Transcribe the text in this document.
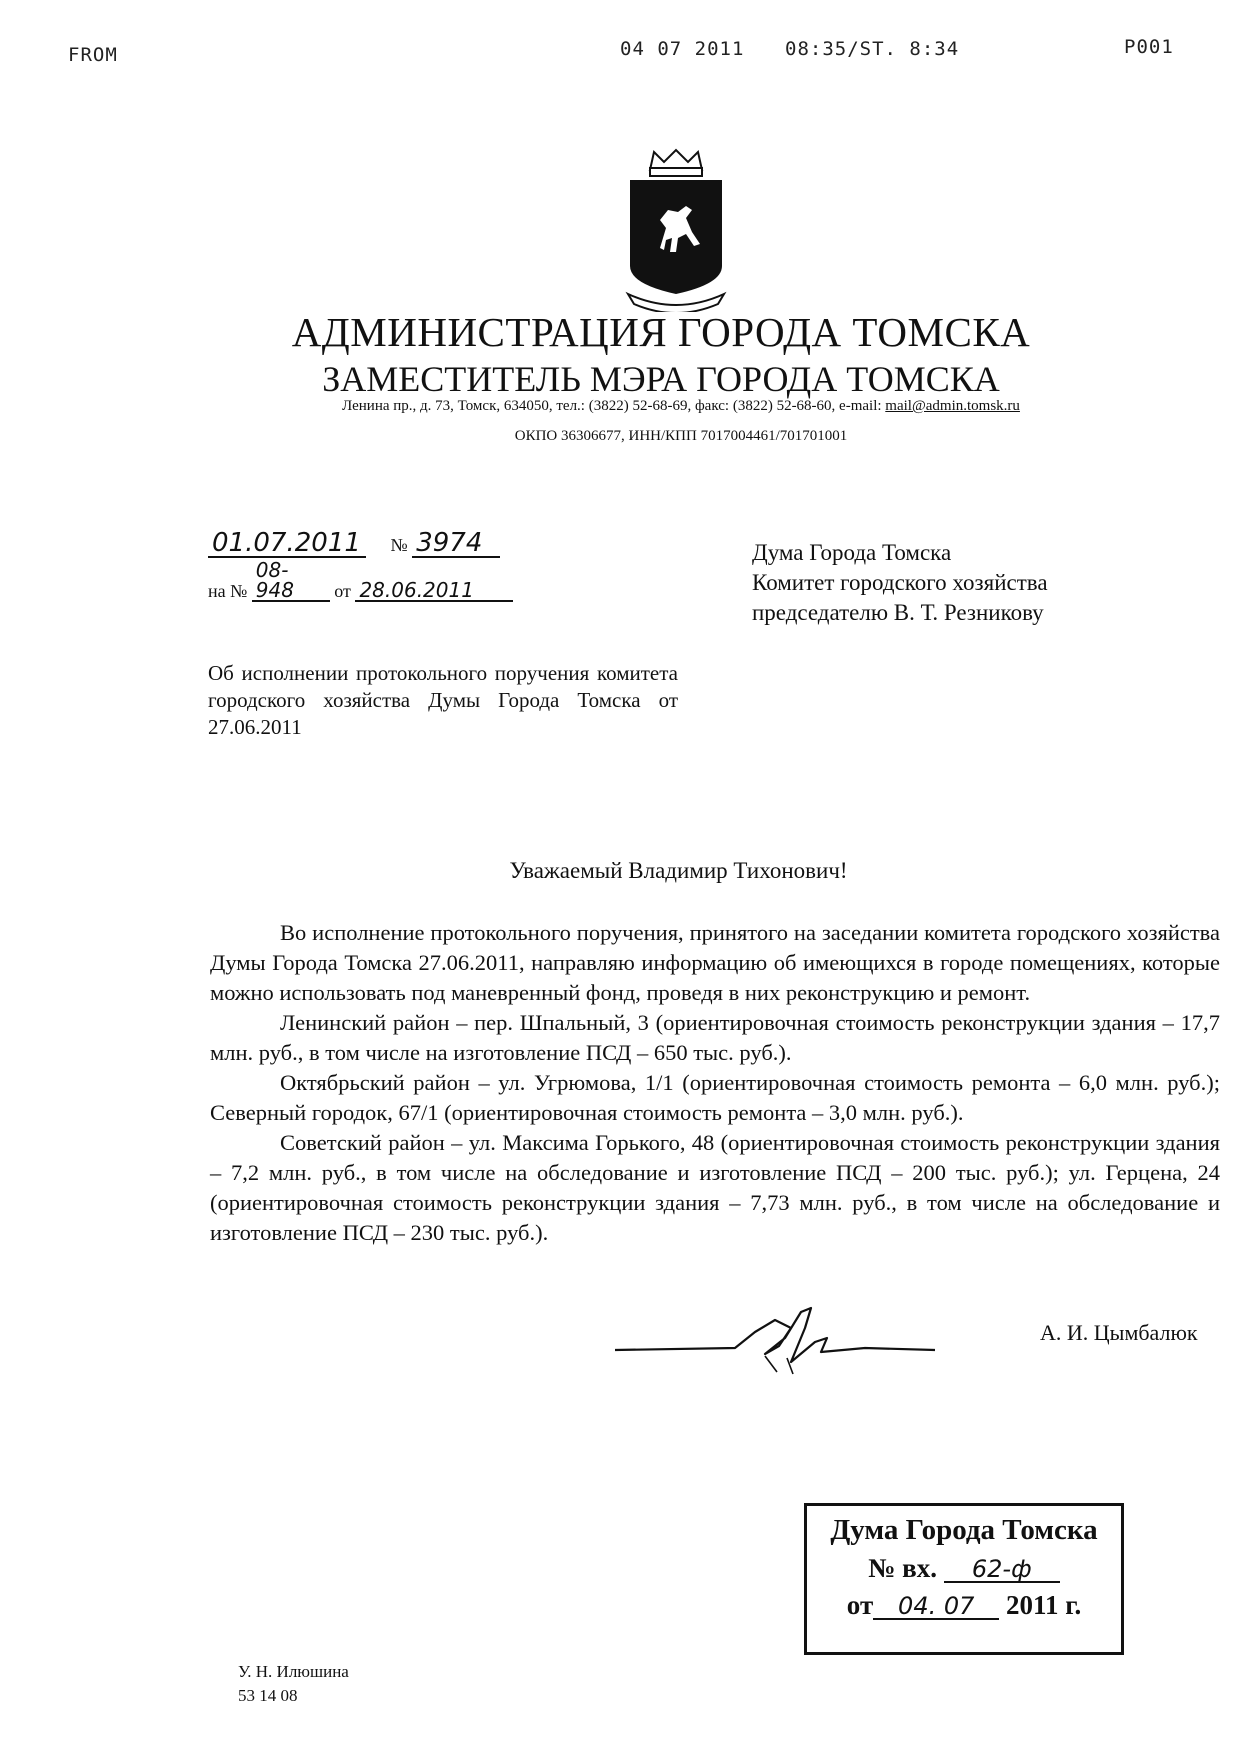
FROM	04 07 2011 08:35/ST. 8:34	P001
АДМИНИСТРАЦИЯ ГОРОДА ТОМСКА
ЗАМЕСТИТЕЛЬ МЭРА ГОРОДА ТОМСКА
Ленина пр., д. 73, Томск, 634050, тел.: (3822) 52-68-69, факс: (3822) 52-68-60, e-mail: mail@admin.tomsk.ru
ОКПО 36306677, ИНН/КПП 7017004461/701701001
01.07.2011 № 3974
на № 08-948 от 28.06.2011
Дума Города Томска
Комитет городского хозяйства
председателю В. Т. Резникову
Об исполнении протокольного поручения комитета городского хозяйства Думы Города Томска от 27.06.2011
Уважаемый Владимир Тихонович!

Во исполнение протокольного поручения, принятого на заседании комитета городского хозяйства Думы Города Томска 27.06.2011, направляю информацию об имеющихся в городе помещениях, которые можно использовать под маневренный фонд, проведя в них реконструкцию и ремонт.

Ленинский район – пер. Шпальный, 3 (ориентировочная стоимость реконструкции здания – 17,7 млн. руб., в том числе на изготовление ПСД – 650 тыс. руб.).

Октябрьский район – ул. Угрюмова, 1/1 (ориентировочная стоимость ремонта – 6,0 млн. руб.); Северный городок, 67/1 (ориентировочная стоимость ремонта – 3,0 млн. руб.).

Советский район – ул. Максима Горького, 48 (ориентировочная стоимость реконструкции здания – 7,2 млн. руб., в том числе на обследование и изготовление ПСД – 200 тыс. руб.); ул. Герцена, 24 (ориентировочная стоимость реконструкции здания – 7,73 млн. руб., в том числе на обследование и изготовление ПСД – 230 тыс. руб.).

А. И. Цымбалюк
Дума Города Томска
№ вх. 62-ф
от 04. 07 2011 г.
У. Н. Илюшина
53 14 08
